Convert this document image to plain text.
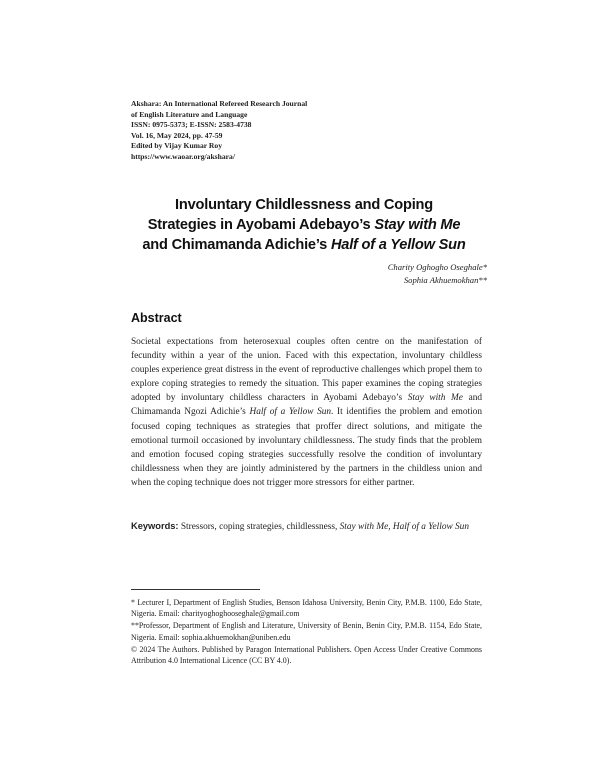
Akshara: An International Refereed Research Journal
of English Literature and Language
ISSN: 0975-5373; E-ISSN: 2583-4738
Vol. 16, May 2024, pp. 47-59
Edited by Vijay Kumar Roy
https://www.waoar.org/akshara/
Involuntary Childlessness and Coping
Strategies in Ayobami Adebayo’s Stay with Me
and Chimamanda Adichie’s Half of a Yellow Sun
Charity Oghogho Oseghale*
Sophia Akhuemokhan**
Abstract

Societal expectations from heterosexual couples often centre on the manifestation of fecundity within a year of the union. Faced with this expectation, involuntary childless couples experience great distress in the event of reproductive challenges which propel them to explore coping strategies to remedy the situation. This paper examines the coping strategies adopted by involuntary childless characters in Ayobami Adebayo’s Stay with Me and Chimamanda Ngozi Adichie’s Half of a Yellow Sun. It identifies the problem and emotion focused coping techniques as strategies that proffer direct solutions, and mitigate the emotional turmoil occasioned by involuntary childlessness. The study finds that the problem and emotion focused coping strategies successfully resolve the condition of involuntary childlessness when they are jointly administered by the partners in the childless union and when the coping technique does not trigger more stressors for either partner.

Keywords: Stressors, coping strategies, childlessness, Stay with Me, Half of a Yellow Sun

* Lecturer I, Department of English Studies, Benson Idahosa University, Benin City, P.M.B. 1100, Edo State, Nigeria. Email: charityoghogho​oseghale@gmail.com

**Professor, Department of English and Literature, University of Benin, Benin City, P.M.B. 1154, Edo State, Nigeria. Email: sophia.akhuemokhan@uniben.edu

© 2024 The Authors. Published by Paragon International Publishers. Open Access Under Creative Commons Attribution 4.0 International Licence (CC BY 4.0).
